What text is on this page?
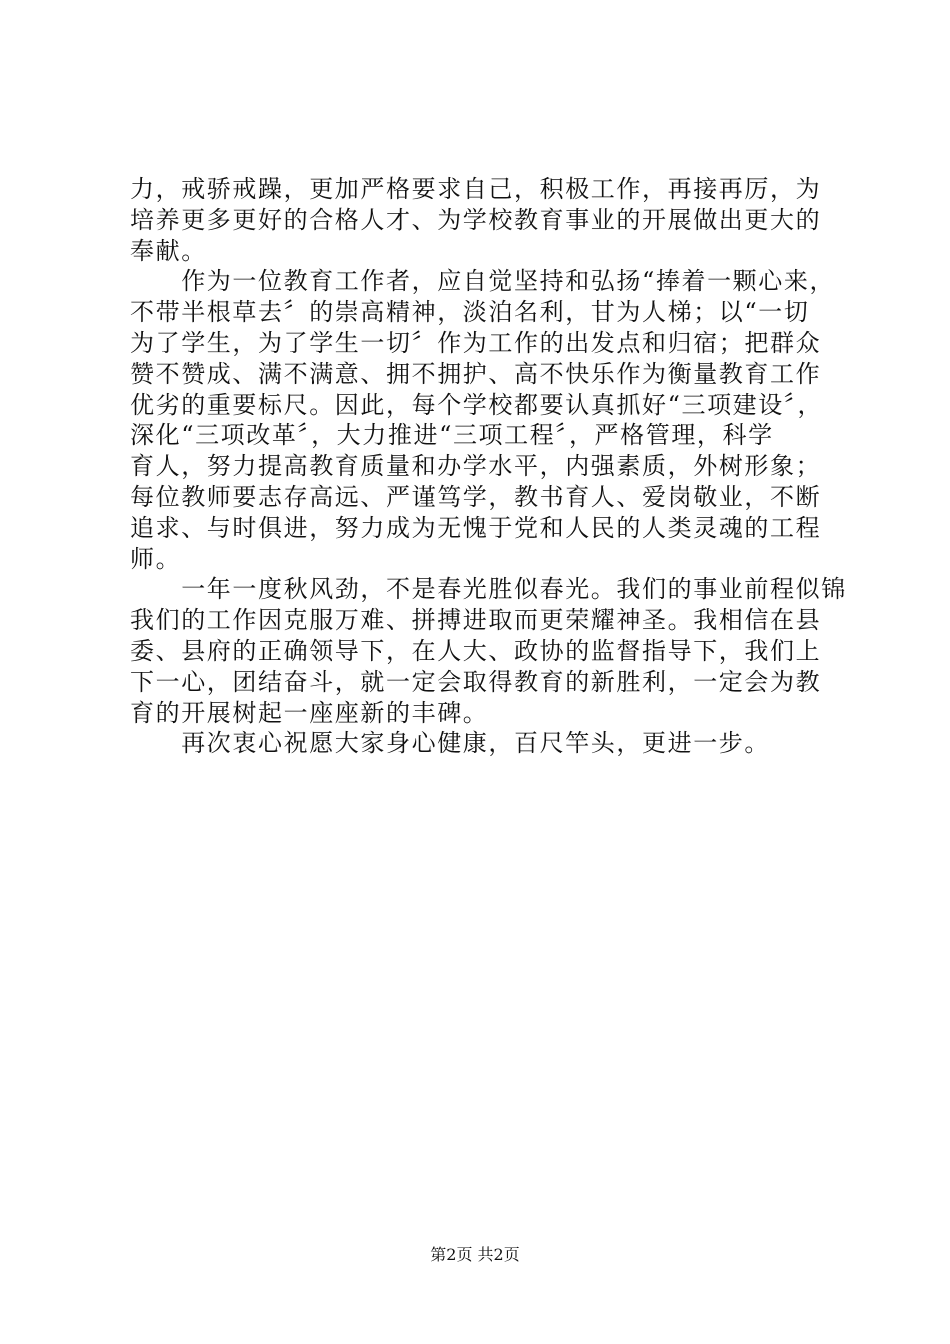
力，戒骄戒躁，更加严格要求自己，积极工作，再接再厉，为
培养更多更好的合格人才、为学校教育事业的开展做出更大的
奉献。
　　作为一位教育工作者，应自觉坚持和弘扬“捧着一颗心来，
不带半根草去〞的崇高精神，淡泊名利，甘为人梯；以“一切
为了学生，为了学生一切〞作为工作的出发点和归宿；把群众
赞不赞成、满不满意、拥不拥护、高不快乐作为衡量教育工作
优劣的重要标尺。因此，每个学校都要认真抓好“三项建设〞，
深化“三项改革〞，大力推进“三项工程〞，严格管理，科学
育人，努力提高教育质量和办学水平，内强素质，外树形象；
每位教师要志存高远、严谨笃学，教书育人、爱岗敬业，不断
追求、与时俱进，努力成为无愧于党和人民的人类灵魂的工程
师。
　　一年一度秋风劲，不是春光胜似春光。我们的事业前程似锦
我们的工作因克服万难、拼搏进取而更荣耀神圣。我相信在县
委、县府的正确领导下，在人大、政协的监督指导下，我们上
下一心，团结奋斗，就一定会取得教育的新胜利，一定会为教
育的开展树起一座座新的丰碑。
　　再次衷心祝愿大家身心健康，百尺竿头，更进一步。
第2页 共2页
